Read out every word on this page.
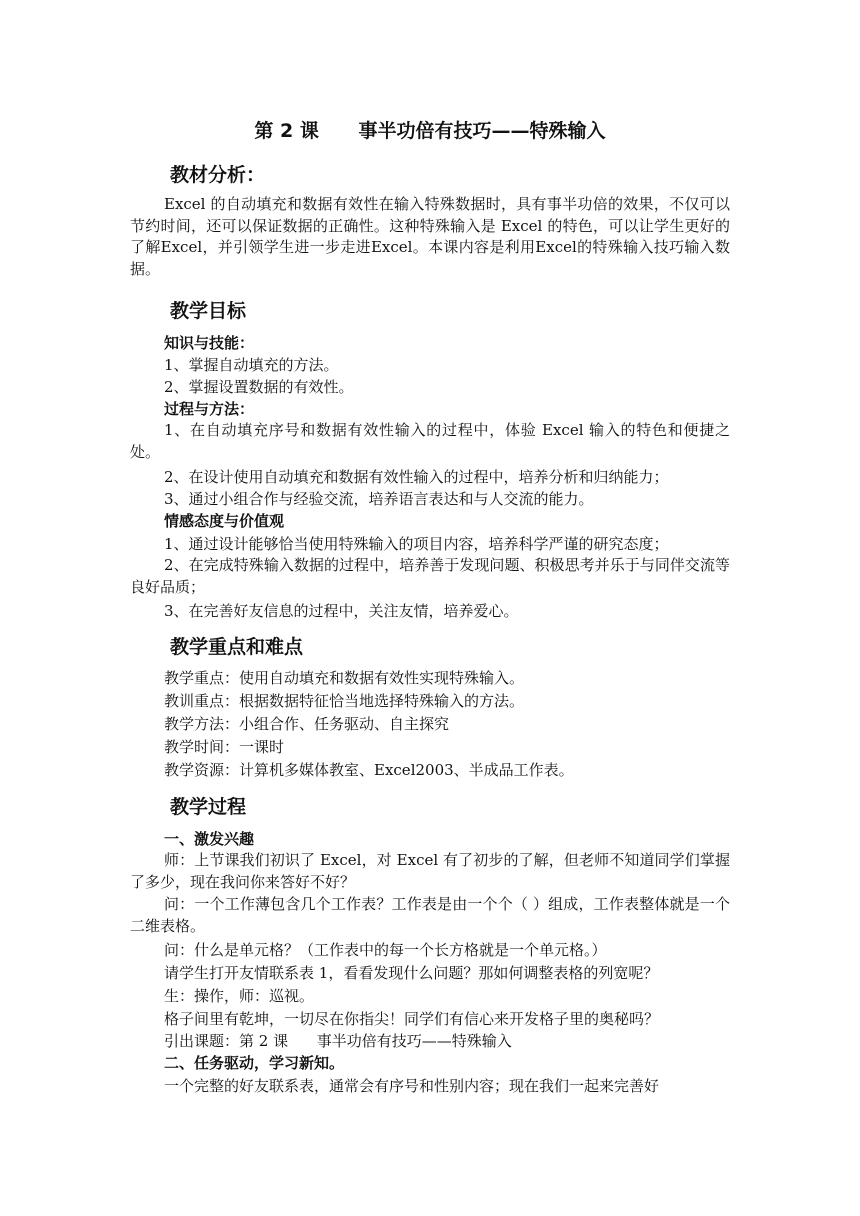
第 2 课      事半功倍有技巧——特殊输入
教材分析：
Excel 的自动填充和数据有效性在输入特殊数据时，具有事半功倍的效果，不仅可以节约时间，还可以保证数据的正确性。这种特殊输入是 Excel 的特色，可以让学生更好的了解Excel，并引领学生进一步走进Excel。本课内容是利用Excel的特殊输入技巧输入数据。
教学目标
知识与技能：
1、掌握自动填充的方法。
2、掌握设置数据的有效性。
过程与方法：
1、在自动填充序号和数据有效性输入的过程中，体验 Excel 输入的特色和便捷之处。
2、在设计使用自动填充和数据有效性输入的过程中，培养分析和归纳能力；
3、通过小组合作与经验交流，培养语言表达和与人交流的能力。
情感态度与价值观
1、通过设计能够恰当使用特殊输入的项目内容，培养科学严谨的研究态度；
2、在完成特殊输入数据的过程中，培养善于发现问题、积极思考并乐于与同伴交流等良好品质；
3、在完善好友信息的过程中，关注友情，培养爱心。
教学重点和难点
教学重点：使用自动填充和数据有效性实现特殊输入。
教训重点：根据数据特征恰当地选择特殊输入的方法。
教学方法：小组合作、任务驱动、自主探究
教学时间：一课时
教学资源：计算机多媒体教室、Excel2003、半成品工作表。
教学过程
一、激发兴趣
师：上节课我们初识了 Excel，对 Excel 有了初步的了解，但老师不知道同学们掌握了多少，现在我问你来答好不好？
问：一个工作薄包含几个工作表？工作表是由一个个（ ）组成，工作表整体就是一个二维表格。
问：什么是单元格？（工作表中的每一个长方格就是一个单元格。）
请学生打开友情联系表 1，看看发现什么问题？那如何调整表格的列宽呢？
生：操作，师：巡视。
格子间里有乾坤，一切尽在你指尖！同学们有信心来开发格子里的奥秘吗？
引出课题：第 2 课      事半功倍有技巧——特殊输入
二、任务驱动，学习新知。
一个完整的好友联系表，通常会有序号和性别内容；现在我们一起来完善好
